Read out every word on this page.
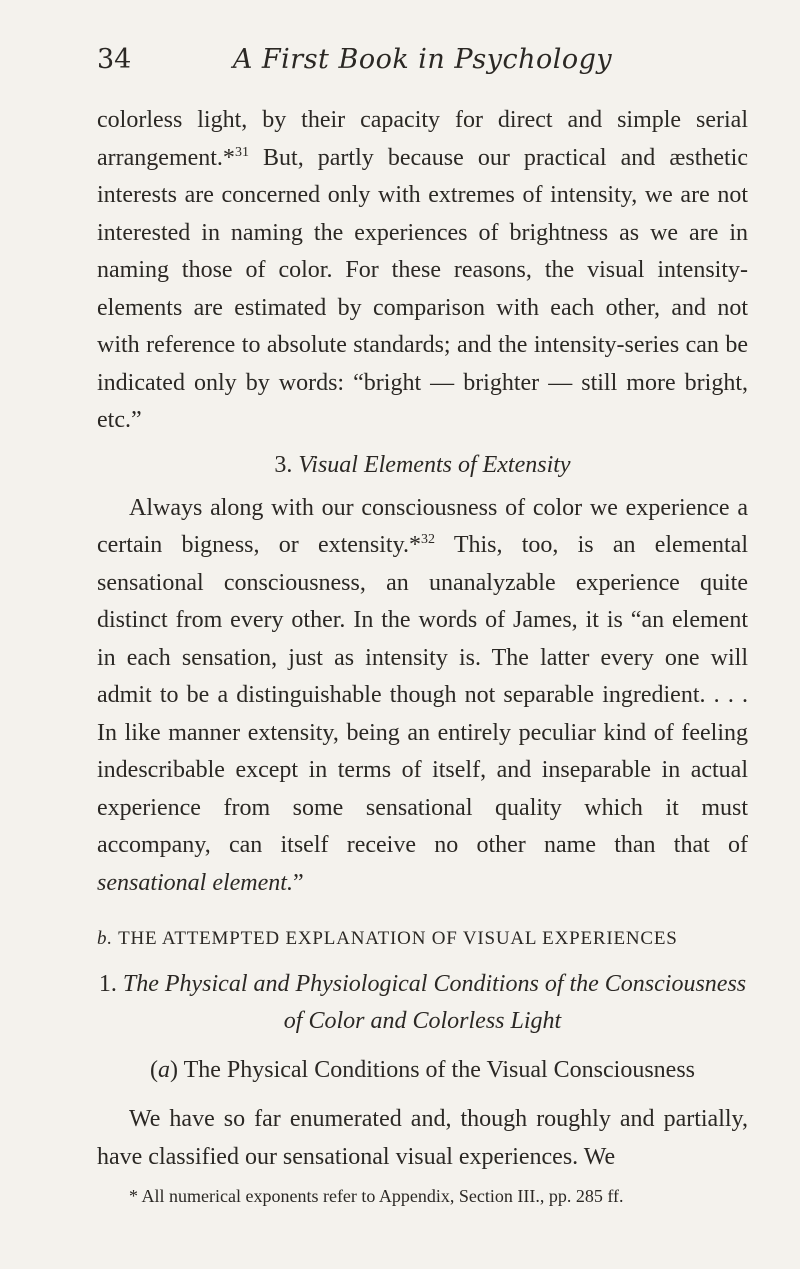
34	A First Book in Psychology

colorless light, by their capacity for direct and simple serial arrangement.*$^{31}$ But, partly because our practical and æsthetic interests are concerned only with extremes of intensity, we are not interested in naming the experiences of brightness as we are in naming those of color. For these reasons, the visual intensity-elements are estimated by comparison with each other, and not with reference to absolute standards; and the intensity-series can be indicated only by words: “bright — brighter — still more bright, etc.”

3. Visual Elements of Extensity

Always along with our consciousness of color we experience a certain bigness, or extensity.*$^{32}$ This, too, is an elemental sensational consciousness, an unanalyzable experience quite distinct from every other. In the words of James, it is “an element in each sensation, just as intensity is. The latter every one will admit to be a distinguishable though not separable ingredient. . . . In like manner extensity, being an entirely peculiar kind of feeling indescribable except in terms of itself, and inseparable in actual experience from some sensational quality which it must accompany, can itself receive no other name than that of sensational element.”

b. THE ATTEMPTED EXPLANATION OF VISUAL EXPERIENCES
1. The Physical and Physiological Conditions of the Consciousness of Color and Colorless Light
(a) The Physical Conditions of the Visual Consciousness

We have so far enumerated and, though roughly and partially, have classified our sensational visual experiences. We

* All numerical exponents refer to Appendix, Section III., pp. 285 ff.
